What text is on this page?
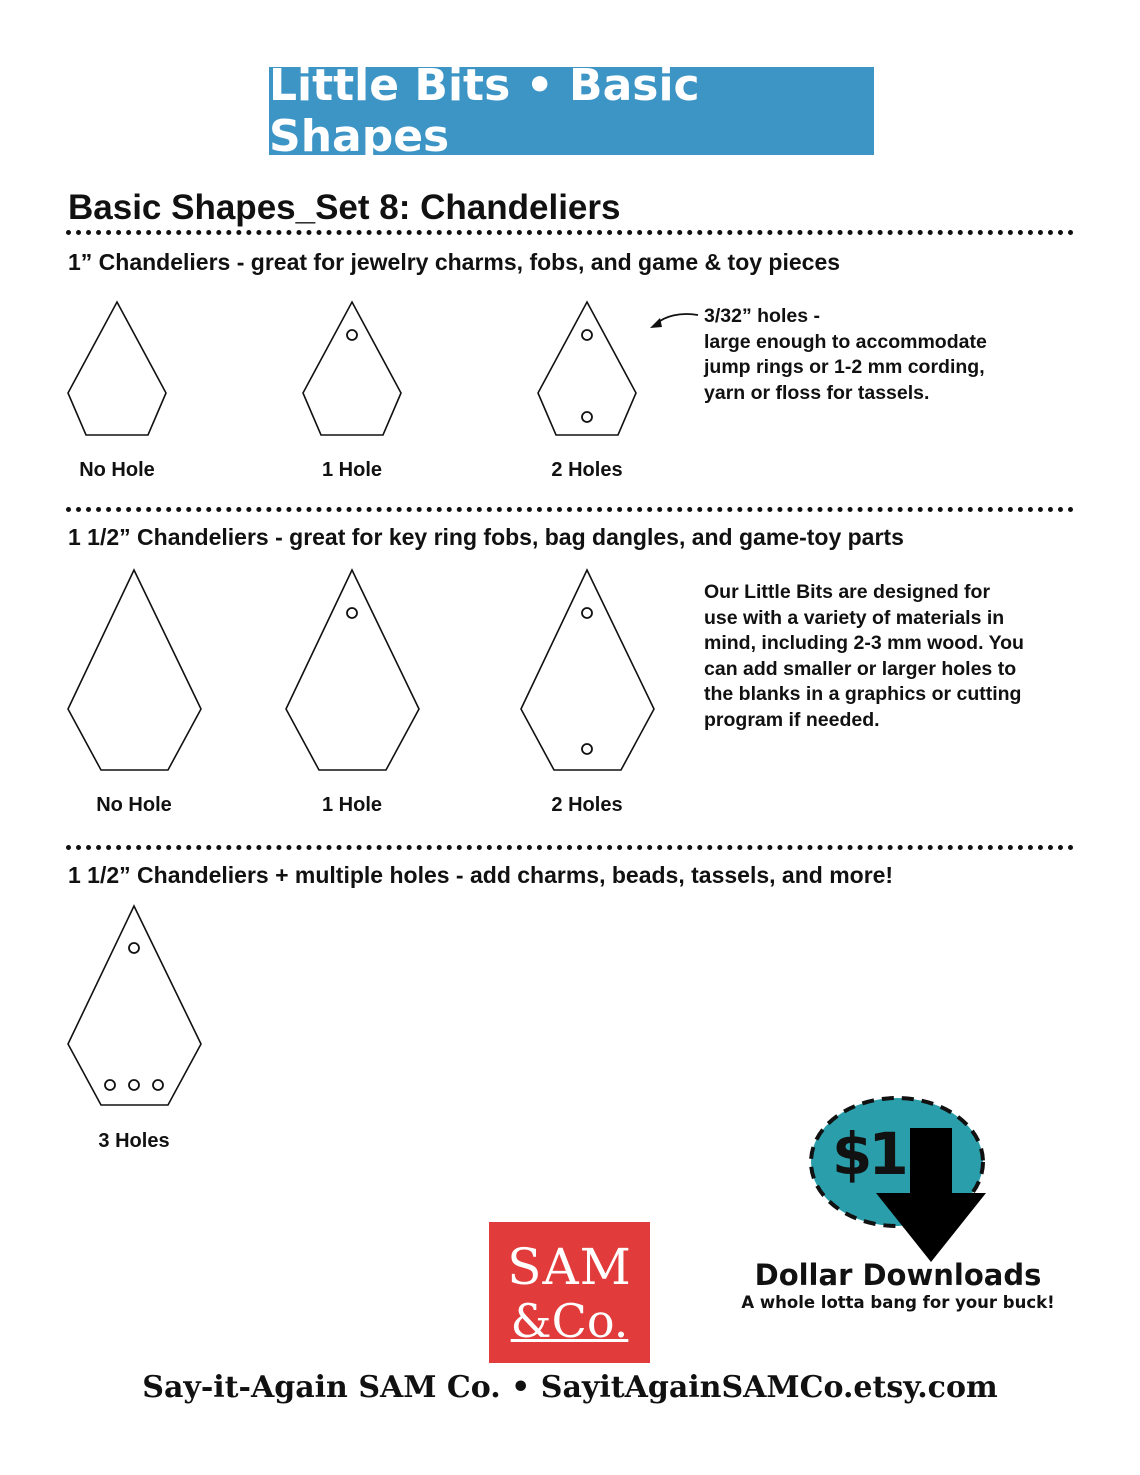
Little Bits • Basic Shapes
Basic Shapes_Set 8: Chandeliers
1” Chandeliers - great for jewelry charms, fobs, and game & toy pieces
1 1/2” Chandeliers - great for key ring fobs, bag dangles, and game-toy parts
1 1/2” Chandeliers + multiple holes - add charms, beads, tassels, and more!
No Hole	1 Hole	2 Holes
No Hole	1 Hole	2 Holes
3 Holes
3/32” holes -
large enough to accommodate
jump rings or 1-2 mm cording,
yarn or floss for tassels.
Our Little Bits are designed for
use with a variety of materials in
mind, including 2-3 mm wood. You
can add smaller or larger holes to
the blanks in a graphics or cutting
program if needed.
SAM
&Co.
$1
Dollar Downloads
A whole lotta bang for your buck!
Say-it-Again SAM Co. • SayitAgainSAMCo.etsy.com
